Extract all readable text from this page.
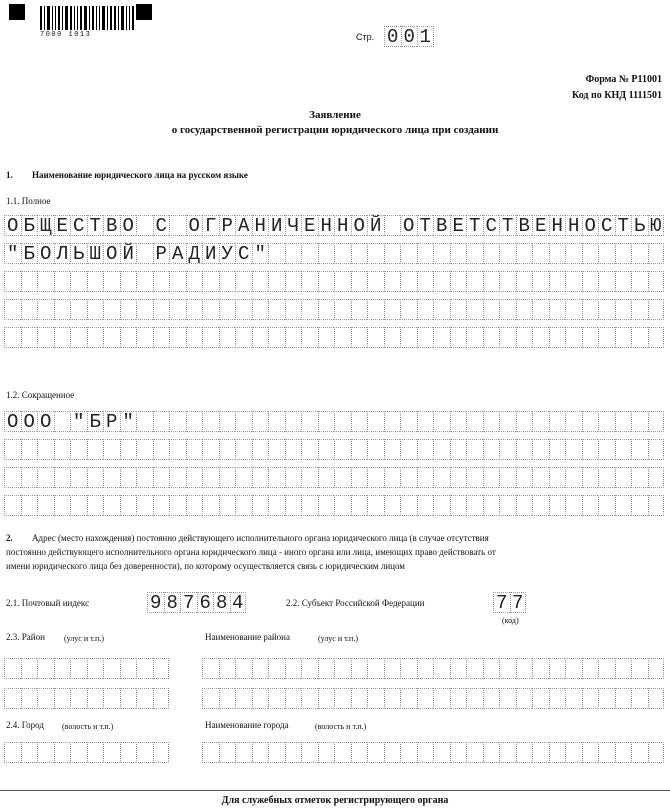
7000 1013	Стр. 0 0 1
Форма № Р11001
Код по КНД 1111501
Заявление
о государственной регистрации юридического лица при создании
1. Наименование юридического лица на русском языке
1.1. Полное
О Б Щ Е С Т В О С О Г Р А Н И Ч Е Н Н О Й О Т В Е Т С Т В Е Н Н О С Т Ь Ю
" Б О Л Ь Ш О Й Р А Д И У С "
1.2. Сокращенное
О О О " Б Р "
2. Адрес (место нахождения) постоянно действующего исполнительного органа юридического лица (в случае отсутствия
постоянно действующего исполнительного органа юридического лица - иного органа или лица, имеющих право действовать от
имени юридического лица без доверенности), по которому осуществляется связь с юридическим лицом
2.1. Почтовый индекс	9 8 7 6 8 4	2.2. Субъект Российской Федерации	7 7
(код)
2.3. Район (улус и т.п.)	Наименование района	(улус и т.п.)
2.4. Город (волость и т.п.)	Наименование города	(волость и т.п.)
Для служебных отметок регистрирующего органа
